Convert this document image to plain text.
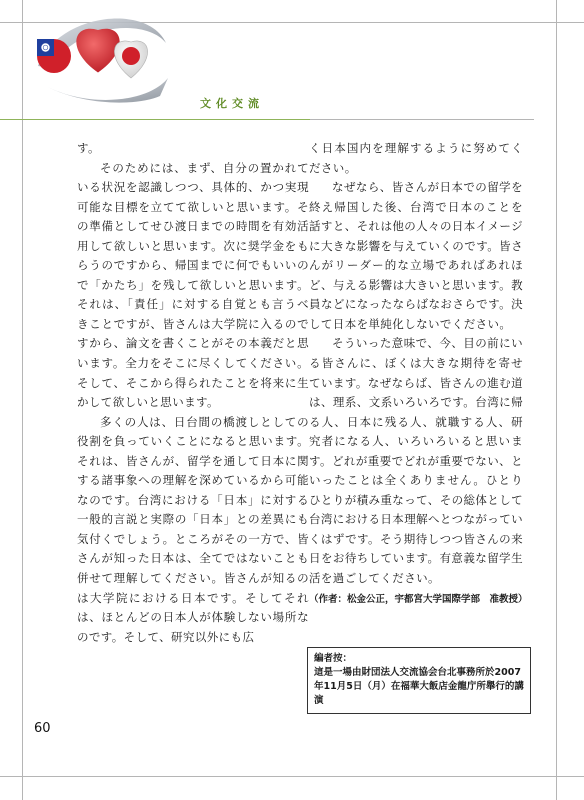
文化交流

す。

そのためには、まず、自分の置かれている状況を認識しつつ、具体的、かつ実現可能な目標を立てて欲しいと思います。その準備としてせひ渡日までの時間を有効活用して欲しいと思います。次に奨学金をもらうのですから、帰国までに何でもいいので「かたち」を残して欲しいと思います。それは、「責任」に対する自覚とも言うべきことですが、皆さんは大学院に入るのですから、論文を書くことがその本義だと思います。全力をそこに尽くしてください。そして、そこから得られたことを将来に生かして欲しいと思います。

多くの人は、日台間の橋渡しとしての役割を負っていくことになると思います。それは、皆さんが、留学を通して日本に関する諸事象への理解を深めているから可能なのです。台湾における「日本」に対する一般的言説と実際の「日本」との差異にも気付くでしょう。ところがその一方で、皆さんが知った日本は、全てではないことも併せて理解してください。皆さんが知るのは大学院における日本です。そしてそれは、ほとんどの日本人が体験しない場所なのです。そして、研究以外にも広

く日本国内を理解するように努めてください。

なぜなら、皆さんが日本での留学を終え帰国した後、台湾で日本のことを話すと、それは他の人々の日本イメージに大きな影響を与えていくのです。皆さんがリーダー的な立場であればあれほど、与える影響は大きいと思います。教員などになったならばなおさらです。決して日本を単純化しないでください。

そういった意味で、今、目の前にいる皆さんに、ぼくは大きな期待を寄せています。なぜならば、皆さんの進む道は、理系、文系いろいろです。台湾に帰る人、日本に残る人、就職する人、研究者になる人、いろいろいると思います。どれが重要でどれが重要でない、といったことは全くありません。ひとりひとりが積み重なって、その総体として台湾における日本理解へとつながっていくはずです。そう期待しつつ皆さんの来日をお待ちしています。有意義な留学生活を過ごしてください。

（作者：松金公正，宇都宮大学国際学部　准教授）

編者按：
這是一場由財団法人交流協会台北事務所於2007年11月5日（月）在福華大飯店金龍庁所舉行的講演
60
